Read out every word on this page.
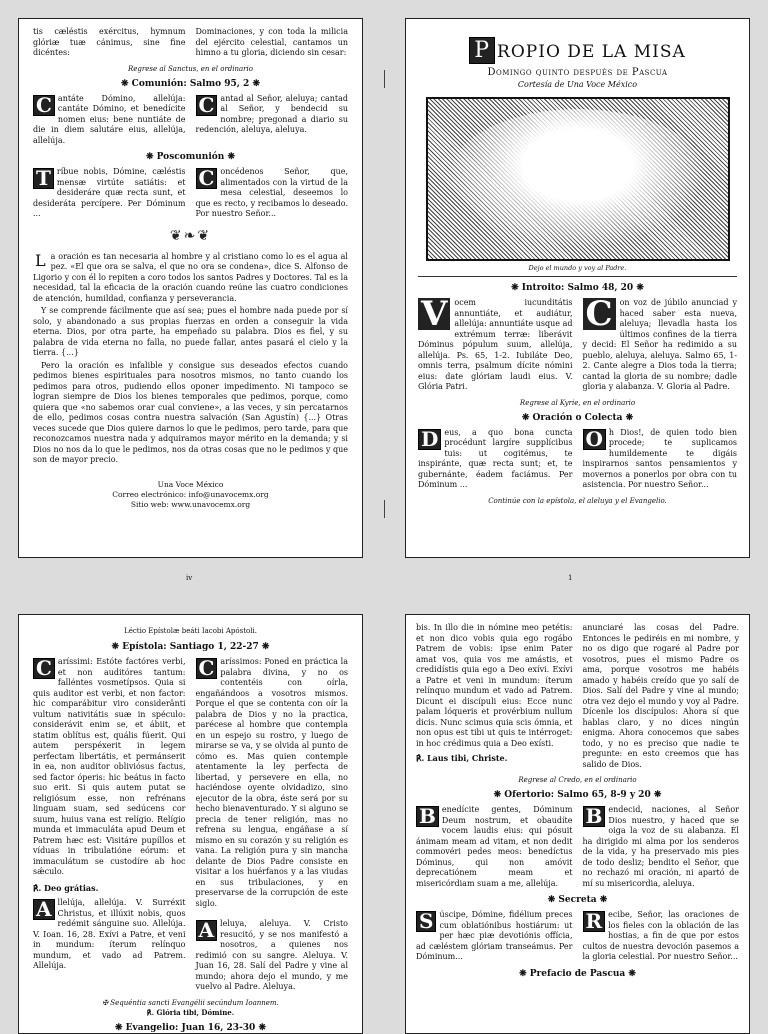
tis cæléstis exércitus, hymnum glóriæ tuæ cánimus, sine fine dicéntes:
Dominaciones, y con toda la milicia del ejército celestial, cantamos un himno a tu gloria, diciendo sin cesar:
Regrese al Sanctus, en el ordinario
❋ Comunión: Salmo 95, 2 ❋
C antáte Dómino, allelúja: cantáte Dómino, et benedícite nomen eius: bene nuntiáte de die in diem salutáre eius, allelúja, allelúja.
C antad al Señor, aleluya; cantad al Señor, y bendecid su nombre; pregonad a diario su redención, aleluya, aleluya.
❋ Poscomunión ❋
T ríbue nobis, Dómine, cæléstis mensæ virtúte satiátis: et desideráre quæ recta sunt, et desideráta percípere. Per Dóminum ...
C oncédenos Señor, que, alimentados con la virtud de la mesa celestial, deseemos lo que es recto, y recibamos lo deseado. Por nuestro Señor...
❦❧❦

La oración es tan necesaria al hombre y al cristiano como lo es el agua al pez. «El que ora se salva, el que no ora se condena», dice S. Alfonso de Ligorio y con él lo repiten a coro todos los santos Padres y Doctores. Tal es la necesidad, tal la eficacia de la oración cuando reúne las cuatro condiciones de atención, humildad, confianza y perseverancia.

Y se comprende fácilmente que así sea; pues el hombre nada puede por sí solo, y abandonado a sus propias fuerzas en orden a conseguir la vida eterna. Dios, por otra parte, ha empeñado su palabra. Dios es fiel, y su palabra de vida eterna no falla, no puede fallar, antes pasará el cielo y la tierra. {...}

Pero la oración es infalible y consigue sus deseados efectos cuando pedimos bienes espirituales para nosotros mismos, no tanto cuando los pedimos para otros, pudiendo ellos oponer impedimento. Ni tampoco se logran siempre de Dios los bienes temporales que pedimos, porque, como quiera que «no sabemos orar cual conviene», a las veces, y sin percatarnos de ello, pedimos cosas contra nuestra salvación (San Agustín) {...} Otras veces sucede que Dios quiere darnos lo que le pedimos, pero tarde, para que reconozcamos nuestra nada y adquiramos mayor mérito en la demanda; y si Dios no nos da lo que le pedimos, nos da otras cosas que no le pedimos y que son de mayor precio.

Una Voce México
Correo electrónico: info@unavocemx.org
Sitio web: www.unavocemx.org
iv
P ROPIO DE LA MISA
Domingo quinto después de Pascua
Cortesía de Una Voce México
Dejo el mundo y voy al Padre.
❋ Introito: Salmo 48, 20 ❋
V ocem iucunditátis annuntiáte, et audiátur, allelúja: annuntiáte usque ad extrémum terræ: liberávit Dóminus pópulum suum, allelúja, allelúja. Ps. 65, 1-2. Iubiláte Deo, omnis terra, psalmum dícite nómini eius: date glóriam laudi eius. V. Glória Patri.
C on voz de júbilo anunciad y haced saber esta nueva, aleluya; llevadla hasta los últimos confines de la tierra y decid: El Señor ha redimido a su pueblo, aleluya, aleluya. Salmo 65, 1-2. Cante alegre a Dios toda la tierra; cantad la gloria de su nombre; dadle gloria y alabanza. V. Gloria al Padre.
Regrese al Kyrie, en el ordinario
❋ Oración o Colecta ❋
D eus, a quo bona cuncta procédunt largíre supplícibus tuis: ut cogitémus, te inspiránte, quæ recta sunt; et, te gubernánte, éadem faciámus. Per Dóminum ...
O h Dios!, de quien todo bien procede; te suplicamos humildemente te digáis inspirarnos santos pensamientos y movernos a ponerlos por obra con tu asistencia. Por nuestro Señor...
Continúe con la epístola, el aleluya y el Evangelio.
1
Léctio Epístolæ beáti Iacobi Apóstoli.
❋ Epístola: Santiago 1, 22-27 ❋
C aríssimi: Estóte factóres verbi, et non auditóres tantum: falléntes vosmetípsos. Quia si quis auditor est verbi, et non factor: hic comparábitur viro considerânti vultum nativitátis suæ in spéculo: considerávit enim se, et ábiit, et statim oblítus est, quális fúerit. Qui autem perspéxerit in legem perfectam libertátis, et permánserit in ea, non auditor obliviósus factus, sed factor óperis: hic beátus in facto suo erit. Si quis autem putat se religiósum esse, non refrénans linguam suam, sed sedúcens cor suum, huius vana est relígio. Relígio munda et immaculáta apud Deum et Patrem hæc est: Visitáre pupíllos et víduas in tribulatióne eórum: et immaculátum se custodíre ab hoc sǽculo.
℟. Deo grátias.
A llelúja, allelúja. V. Surréxit Christus, et illúxit nobis, quos redémit sánguine suo. Allelúja. V. Ioan. 16, 28. Exívi a Patre, et veni in mundum: íterum relínquo mundum, et vado ad Patrem. Allelúja.
C aríssimos: Poned en práctica la palabra divina, y no os contentéis con oírla, engañándoos a vosotros mismos. Porque el que se contenta con oír la palabra de Dios y no la practica, parécese al hombre que contempla en un espejo su rostro, y luego de mirarse se va, y se olvida al punto de cómo es. Mas quien contemple atentamente la ley perfecta de libertad, y persevere en ella, no haciéndose oyente olvidadizo, sino ejecutor de la obra, éste será por su hecho bienaventurado. Y si alguno se precia de tener religión, mas no refrena su lengua, engáñase a sí mismo en su corazón y su religión es vana. La religión pura y sin mancha delante de Dios Padre consiste en visitar a los huérfanos y a las viudas en sus tribulaciones, y en preservarse de la corrupción de este siglo.
A leluya, aleluya. V. Cristo resucitó, y se nos manifestó a nosotros, a quienes nos redimió con su sangre. Aleluya. V. Juan 16, 28. Salí del Padre y vine al mundo; ahora dejo el mundo, y me vuelvo al Padre. Aleluya.
✠ Sequéntia sancti Evangélii secúndum Ioannem.
℟. Glória tibi, Dómine.
❋ Evangelio: Juan 16, 23-30 ❋
bis. In illo die in nómine meo petétis: et non dico vobis quia ego rogábo Patrem de vobis: ipse enim Pater amat vos, quia vos me amástis, et credidístis quia ego a Deo exívi. Exívi a Patre et veni in mundum: íterum relínquo mundum et vado ad Patrem. Dicunt ei discípuli eius: Ecce nunc palam lóqueris et provérbium nullum dicis. Nunc scimus quia scis ómnia, et non opus est tibi ut quis te intérroget: in hoc crédimus quia a Deo exísti.
℟. Laus tibi, Christe.
anunciaré las cosas del Padre. Entonces le pediréis en mi nombre, y no os digo que rogaré al Padre por vosotros, pues el mismo Padre os ama, porque vosotros me habéis amado y habéis creído que yo salí de Dios. Salí del Padre y vine al mundo; otra vez dejo el mundo y voy al Padre. Dícenle los discípulos: Ahora sí que hablas claro, y no dices ningún enigma. Ahora conocemos que sabes todo, y no es preciso que nadie te pregunte: en esto creemos que has salido de Dios.
Regrese al Credo, en el ordinario
❋ Ofertorio: Salmo 65, 8-9 y 20 ❋
B enedícite gentes, Dóminum Deum nostrum, et obaudíte vocem laudis eius: qui pósuit ánimam meam ad vitam, et non dedit commovéri pedes meos: benedíctus Dóminus, qui non amóvit deprecatiónem meam et misericórdiam suam a me, allelúja.
B endecid, naciones, al Señor Dios nuestro, y haced que se oiga la voz de su alabanza. Él ha dirigido mi alma por los senderos de la vida, y ha preservado mis pies de todo desliz; bendito el Señor, que no rechazó mi oración, ni apartó de mí su misericordia, aleluya.
❋ Secreta ❋
S úscipe, Dómine, fidélium preces cum oblatiónibus hostiárum: ut per hæc piæ devotiónis offícia, ad cæléstem glóriam transeámus. Per Dóminum...
R ecibe, Señor, las oraciones de los fieles con la oblación de las hostias, a fin de que por estos cultos de nuestra devoción pasemos a la gloria celestial. Por nuestro Señor...
❋ Prefacio de Pascua ❋
